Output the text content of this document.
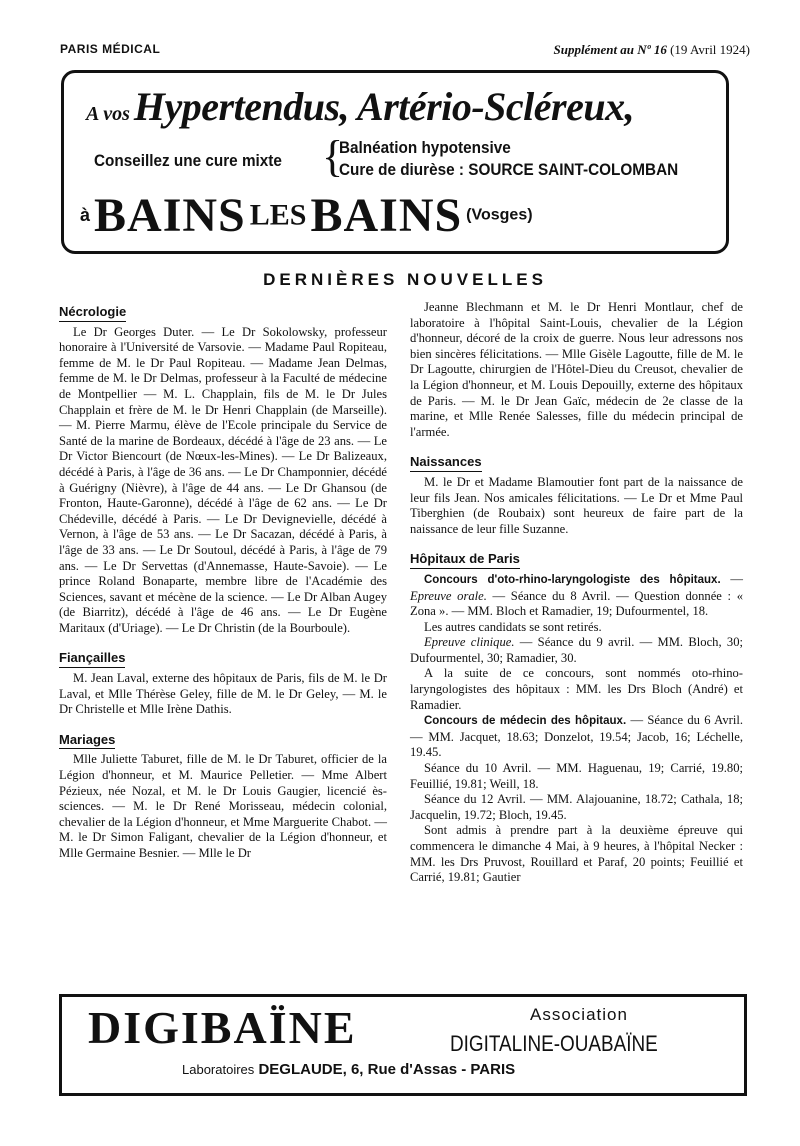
PARIS MÉDICAL	Supplément au Nº 16 (19 Avril 1924)
A vos Hypertendus, Artério-Scléreux,
Conseillez une cure mixte {
Balnéation hypotensive
Cure de diurèse : SOURCE SAINT-COLOMBAN
à BAINS LES BAINS (Vosges)
DERNIÈRES NOUVELLES
Nécrologie

Le Dr Georges Duter. — Le Dr Sokolowsky, professeur honoraire à l'Université de Varsovie. — Madame Paul Ropiteau, femme de M. le Dr Paul Ropiteau. — Madame Jean Delmas, femme de M. le Dr Delmas, professeur à la Faculté de médecine de Montpellier — M. L. Chapplain, fils de M. le Dr Jules Chapplain et frère de M. le Dr Henri Chapplain (de Marseille). — M. Pierre Marmu, élève de l'Ecole principale du Service de Santé de la marine de Bordeaux, décédé à l'âge de 23 ans. — Le Dr Victor Biencourt (de Nœux-les-Mines). — Le Dr Balizeaux, décédé à Paris, à l'âge de 36 ans. — Le Dr Champonnier, décédé à Guérigny (Nièvre), à l'âge de 44 ans. — Le Dr Ghansou (de Fronton, Haute-Garonne), décédé à l'âge de 62 ans. — Le Dr Chédeville, décédé à Paris. — Le Dr Devignevielle, décédé à Vernon, à l'âge de 53 ans. — Le Dr Sacazan, décédé à Paris, à l'âge de 33 ans. — Le Dr Soutoul, décédé à Paris, à l'âge de 79 ans. — Le Dr Servettas (d'Annemasse, Haute-Savoie). — Le prince Roland Bonaparte, membre libre de l'Académie des Sciences, savant et mécène de la science. — Le Dr Alban Augey (de Biarritz), décédé à l'âge de 46 ans. — Le Dr Eugène Maritaux (d'Uriage). — Le Dr Christin (de la Bourboule).

Fiançailles

M. Jean Laval, externe des hôpitaux de Paris, fils de M. le Dr Laval, et Mlle Thérèse Geley, fille de M. le Dr Geley, — M. le Dr Christelle et Mlle Irène Dathis.

Mariages

Mlle Juliette Taburet, fille de M. le Dr Taburet, officier de la Légion d'honneur, et M. Maurice Pelletier. — Mme Albert Pézieux, née Nozal, et M. le Dr Louis Gaugier, licencié ès-sciences. — M. le Dr René Morisseau, médecin colonial, chevalier de la Légion d'honneur, et Mme Marguerite Chabot. — M. le Dr Simon Faligant, chevalier de la Légion d'honneur, et Mlle Germaine Besnier. — Mlle le Dr

Jeanne Blechmann et M. le Dr Henri Montlaur, chef de laboratoire à l'hôpital Saint-Louis, chevalier de la Légion d'honneur, décoré de la croix de guerre. Nous leur adressons nos bien sincères félicitations. — Mlle Gisèle Lagoutte, fille de M. le Dr Lagoutte, chirurgien de l'Hôtel-Dieu du Creusot, chevalier de la Légion d'honneur, et M. Louis Depouilly, externe des hôpitaux de Paris. — M. le Dr Jean Gaïc, médecin de 2e classe de la marine, et Mlle Renée Salesses, fille du médecin principal de l'armée.

Naissances

M. le Dr et Madame Blamoutier font part de la naissance de leur fils Jean. Nos amicales félicitations. — Le Dr et Mme Paul Tiberghien (de Roubaix) sont heureux de faire part de la naissance de leur fille Suzanne.

Hôpitaux de Paris

Concours d'oto-rhino-laryngologiste des hôpitaux. — Epreuve orale. — Séance du 8 Avril. — Question donnée : « Zona ». — MM. Bloch et Ramadier, 19; Dufourmentel, 18.

Les autres candidats se sont retirés.

Epreuve clinique. — Séance du 9 avril. — MM. Bloch, 30; Dufourmentel, 30; Ramadier, 30.

A la suite de ce concours, sont nommés oto-rhino-laryngologistes des hôpitaux : MM. les Drs Bloch (André) et Ramadier.

Concours de médecin des hôpitaux. — Séance du 6 Avril. — MM. Jacquet, 18.63; Donzelot, 19.54; Jacob, 16; Léchelle, 19.45.

Séance du 10 Avril. — MM. Haguenau, 19; Carrié, 19.80; Feuillié, 19.81; Weill, 18.

Séance du 12 Avril. — MM. Alajouanine, 18.72; Cathala, 18; Jacquelin, 19.72; Bloch, 19.45.

Sont admis à prendre part à la deuxième épreuve qui commencera le dimanche 4 Mai, à 9 heures, à l'hôpital Necker : MM. les Drs Pruvost, Rouillard et Paraf, 20 points; Feuillié et Carrié, 19.81; Gautier

DIGIBAÏNE	Association
DIGITALINE-OUABAÏNE
Laboratoires DEGLAUDE, 6, Rue d'Assas - PARIS
